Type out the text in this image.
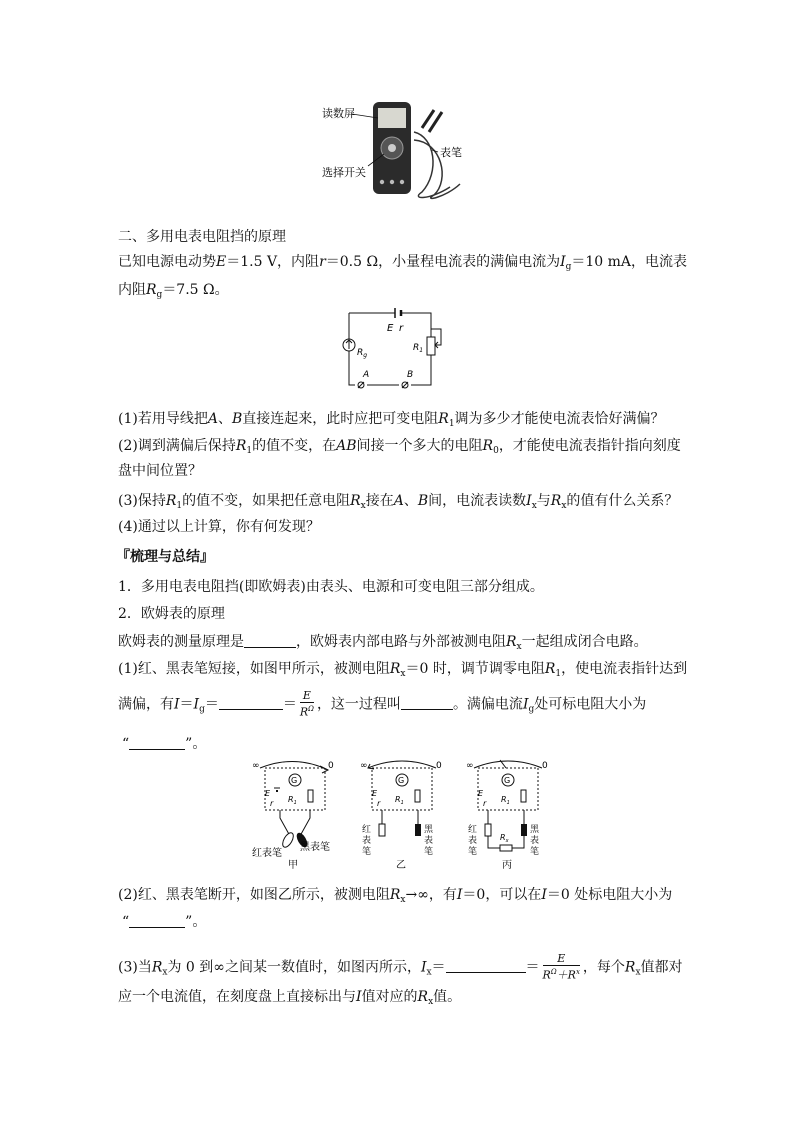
读数屏
选择开关
表笔
二、多用电表电阻挡的原理
已知电源电动势E＝1.5 V，内阻r＝0.5 Ω，小量程电流表的满偏电流为$I_g=10$ mA，电流表
内阻$R_g=7.5$ Ω。
E r
$R_g$
$R_1$
A	B
(1)若用导线把A、B直接连起来，此时应把可变电阻$R_1$调为多少才能使电流表恰好满偏？
(2)调到满偏后保持$R_1$的值不变，在AB间接一个多大的电阻$R_0$，才能使电流表指针指向刻度
盘中间位置？
(3)保持$R_1$的值不变，如果把任意电阻$R_x$接在A、B间，电流表读数$I_x$与$R_x$的值有什么关系？
(4)通过以上计算，你有何发现？
『梳理与总结』
1．多用电表电阻挡(即欧姆表)由表头、电源和可变电阻三部分组成。
2．欧姆表的原理
欧姆表的测量原理是	，欧姆表内部电路与外部被测电阻$R_x$一起组成闭合电路。
(1)红、黑表笔短接，如图甲所示，被测电阻$R_x=0$ 时，调节调零电阻$R_1$，使电流表指针达到
满偏，有$I=I_g=$	＝ $\frac{E}{R^\Omega}$ ，这一过程叫	。满偏电流$I_g$处可标电阻大小为
“	”。
∞	0
G
E
r $R_1$
红表笔
黑表笔
甲
∞	0
G
E
r $R_1$
红
表
笔
黑
表
笔
乙
∞	0
G
E
r $R_1$
$R_x$
红
表
笔
黑
表
笔
丙
(2)红、黑表笔断开，如图乙所示，被测电阻$R_x\to\infty$，有I＝0，可以在I＝0 处标电阻大小为
“	”。
(3)当$R_x$为 0 到∞之间某一数值时，如图丙所示，$I_x=$	＝ $\frac{E}{R^\Omega+R^x}$ ，每个$R_x$值都对
应一个电流值，在刻度盘上直接标出与I值对应的$R_x$值。
